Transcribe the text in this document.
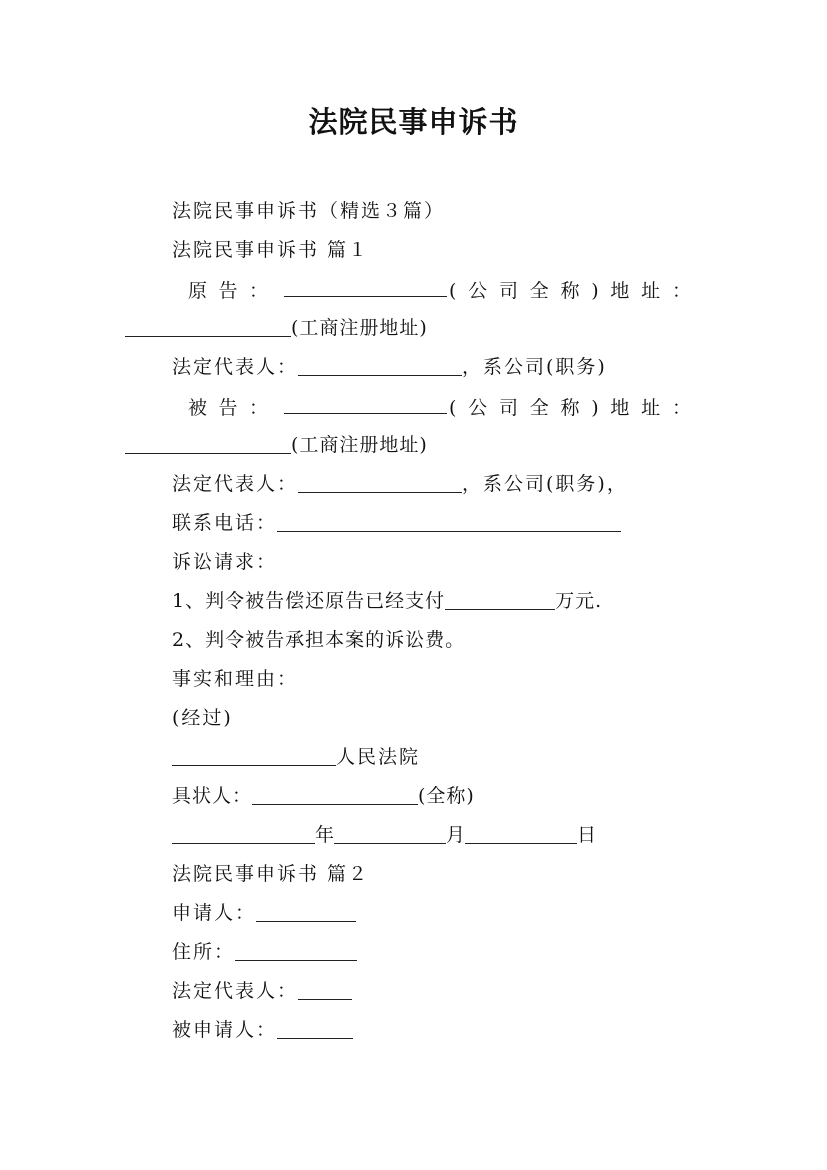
法院民事申诉书
法院民事申诉书（精选３篇）
法院民事申诉书 篇１
原 告 ：	( 公 司 全 称 ) 地 址 ：
(工商注册地址)
法定代表人：	，系公司(职务)
被 告 ：	( 公 司 全 称 ) 地 址 ：
(工商注册地址)
法定代表人：	，系公司(职务)，
联系电话：
诉讼请求：
1、判令被告偿还原告已经支付	万元.
2、判令被告承担本案的诉讼费。
事实和理由：
(经过)
人民法院
具状人：	(全称)
年	月	日
法院民事申诉书 篇２
申请人：
住所：
法定代表人：
被申请人：
